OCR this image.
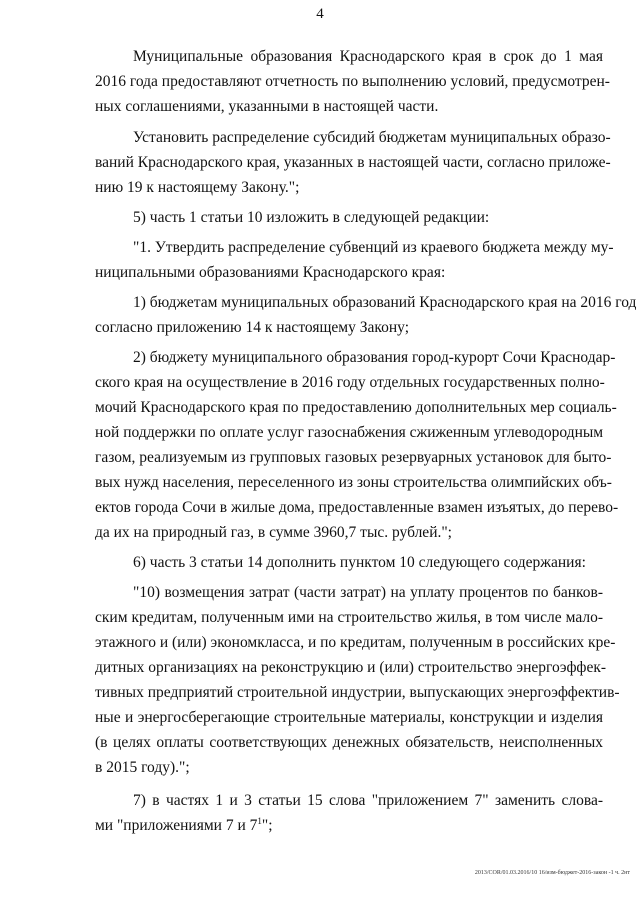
4
Муниципальные образования Краснодарского края в срок до 1 мая
2016 года предоставляют отчетность по выполнению условий, предусмотрен-
ных соглашениями, указанными в настоящей части.
Установить распределение субсидий бюджетам муниципальных образо-
ваний Краснодарского края, указанных в настоящей части, согласно приложе-
нию 19 к настоящему Закону.";
5) часть 1 статьи 10 изложить в следующей редакции:
"1. Утвердить распределение субвенций из краевого бюджета между му-
ниципальными образованиями Краснодарского края:
1) бюджетам муниципальных образований Краснодарского края на 2016 год
согласно приложению 14 к настоящему Закону;
2) бюджету муниципального образования город-курорт Сочи Краснодар-
ского края на осуществление в 2016 году отдельных государственных полно-
мочий Краснодарского края по предоставлению дополнительных мер социаль-
ной поддержки по оплате услуг газоснабжения сжиженным углеводородным
газом, реализуемым из групповых газовых резервуарных установок для быто-
вых нужд населения, переселенного из зоны строительства олимпийских объ-
ектов города Сочи в жилые дома, предоставленные взамен изъятых, до перево-
да их на природный газ, в сумме 3960,7 тыс. рублей.";
6) часть 3 статьи 14 дополнить пунктом 10 следующего содержания:
"10) возмещения затрат (части затрат) на уплату процентов по банков-
ским кредитам, полученным ими на строительство жилья, в том числе мало-
этажного и (или) экономкласса, и по кредитам, полученным в российских кре-
дитных организациях на реконструкцию и (или) строительство энергоэффек-
тивных предприятий строительной индустрии, выпускающих энергоэффектив-
ные и энергосберегающие строительные материалы, конструкции и изделия
(в целях оплаты соответствующих денежных обязательств, неисполненных
в 2015 году).";
7) в частях 1 и 3 статьи 15 слова "приложением 7" заменить слова-
ми "приложениями 7 и $7^1$";
2013/COR/01.03.2016/10 16/изм-бюджет-2016-закон -1 ч. 2нт
